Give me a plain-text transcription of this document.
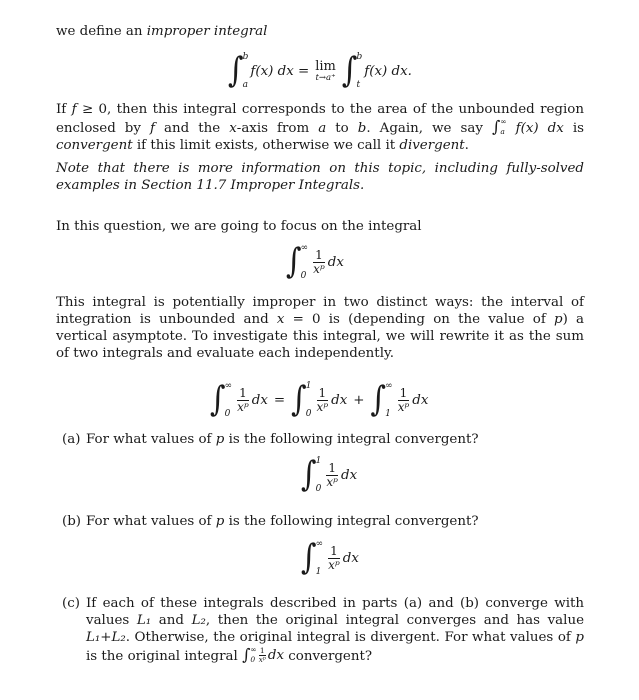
we define an improper integral
∫ b
a
f(x) dx = lim
t→a⁺ ∫ b
t
f(x) dx.
If f ≥ 0, then this integral corresponds to the area of the unbounded region enclosed by f and the x-axis from a to b. Again, we say ∫ ∞
a f(x) dx is convergent if this limit exists, otherwise we call it divergent.
Note that there is more information on this topic, including fully-solved examples in Section 11.7 Improper Integrals.
In this question, we are going to focus on the integral
∫ ∞
0
$\frac{1}{\text{xᵖ}}$ dx
This integral is potentially improper in two distinct ways: the interval of integration is unbounded and x = 0 is (depending on the value of p) a vertical asymptote. To investigate this integral, we will rewrite it as the sum of two integrals and evaluate each independently.
∫ ∞
0
$\frac{1}{\text{xᵖ}}$ dx = ∫ 1
0
$\frac{1}{\text{xᵖ}}$ dx + ∫ ∞
1
$\frac{1}{\text{xᵖ}}$ dx
(a) For what values of p is the following integral convergent?
∫ 1
0
$\frac{1}{\text{xᵖ}}$ dx
(b) For what values of p is the following integral convergent?
∫ ∞
1
$\frac{1}{\text{xᵖ}}$ dx
(c) If each of these integrals described in parts (a) and (b) converge with values L₁ and L₂, then the original integral converges and has value L₁+L₂. Otherwise, the original integral is divergent. For what values of p is the original integral ∫ ∞
$0 \frac{1}{\text{xᵖ}}$ dx convergent?
